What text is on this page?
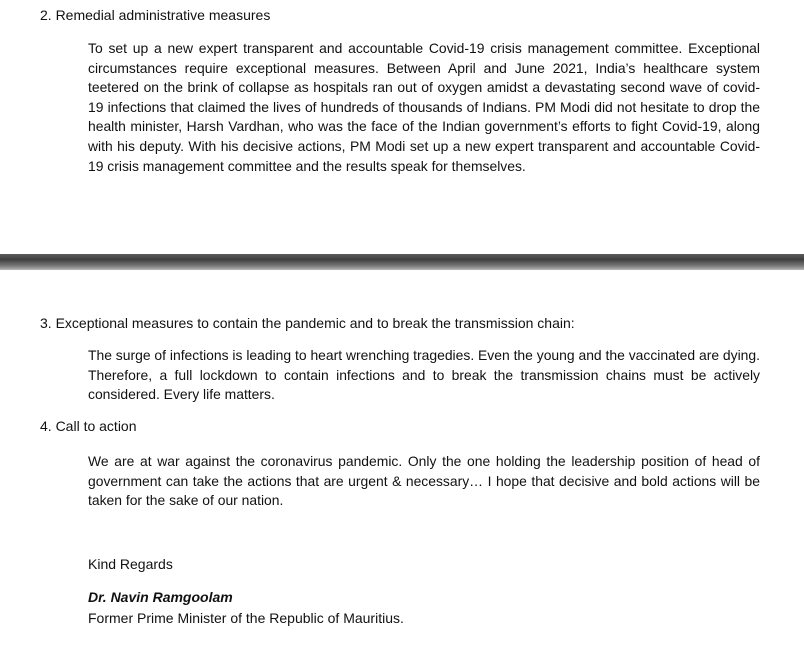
2. Remedial administrative measures

To set up a new expert transparent and accountable Covid-19 crisis management committee. Exceptional circumstances require exceptional measures. Between April and June 2021, India’s healthcare system teetered on the brink of collapse as hospitals ran out of oxygen amidst a devastating second wave of covid-19 infections that claimed the lives of hundreds of thousands of Indians. PM Modi did not hesitate to drop the health minister, Harsh Vardhan, who was the face of the Indian government’s efforts to fight Covid-19, along with his deputy. With his decisive actions, PM Modi set up a new expert transparent and accountable Covid-19 crisis management committee and the results speak for themselves.

3. Exceptional measures to contain the pandemic and to break the transmission chain:

The surge of infections is leading to heart wrenching tragedies. Even the young and the vaccinated are dying. Therefore, a full lockdown to contain infections and to break the transmission chains must be actively considered. Every life matters.

4. Call to action

We are at war against the coronavirus pandemic. Only the one holding the leadership position of head of government can take the actions that are urgent & necessary… I hope that decisive and bold actions will be taken for the sake of our nation.

Kind Regards
Dr. Navin Ramgoolam
Former Prime Minister of the Republic of Mauritius.
